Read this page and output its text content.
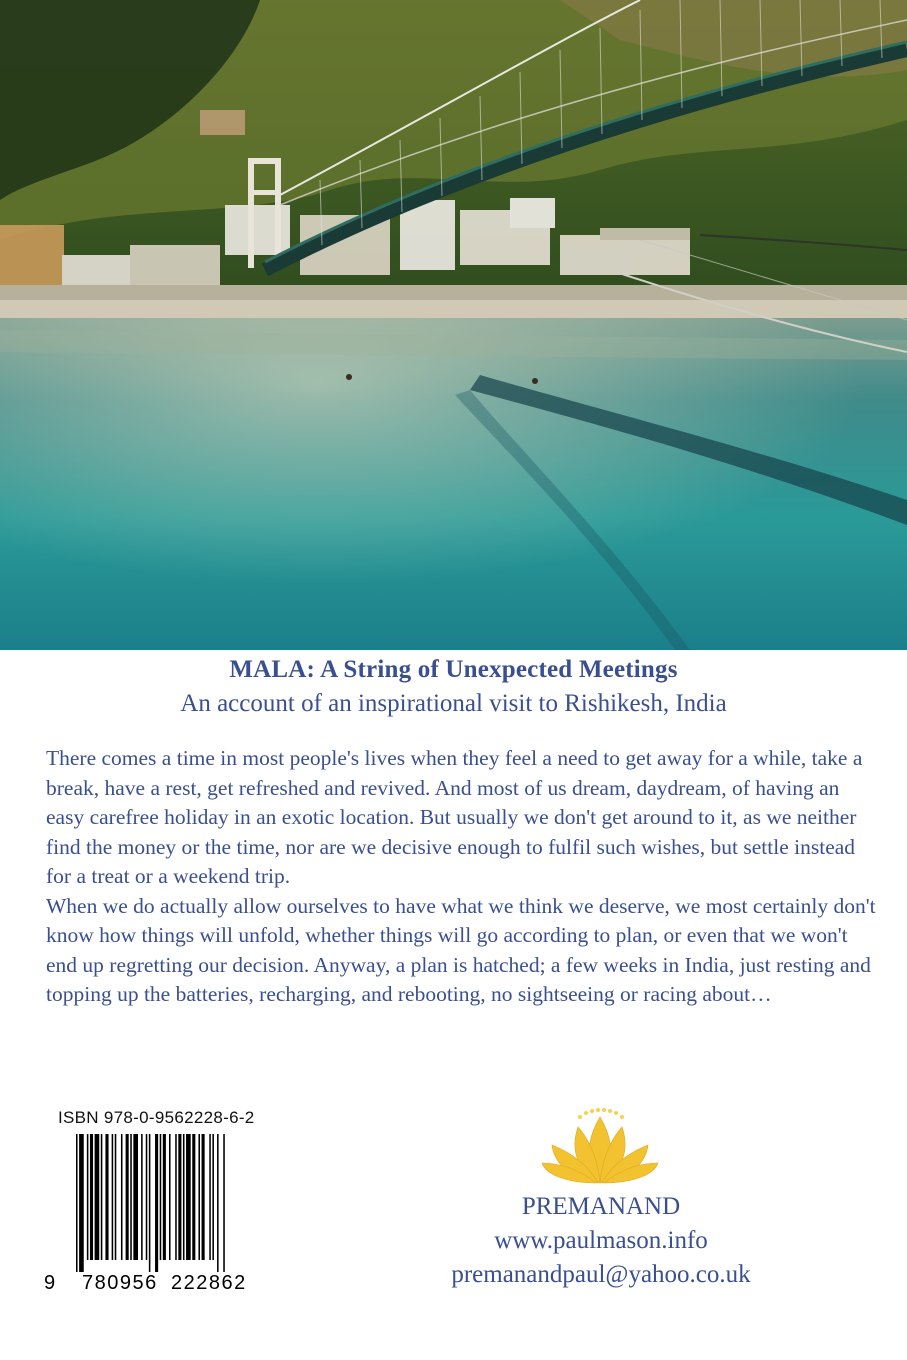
MALA: A String of Unexpected Meetings
An account of an inspirational visit to Rishikesh, India

There comes a time in most people's lives when they feel a need to get away for a while, take a break, have a rest, get refreshed and revived. And most of us dream, daydream, of having an easy carefree holiday in an exotic location. But usually we don't get around to it, as we neither find the money or the time, nor are we decisive enough to fulfil such wishes, but settle instead for a treat or a weekend trip.

When we do actually allow ourselves to have what we think we deserve, we most certainly don't know how things will unfold, whether things will go according to plan, or even that we won't end up regretting our decision. Anyway, a plan is hatched; a few weeks in India, just resting and topping up the batteries, recharging, and rebooting, no sightseeing or racing about…

ISBN 978-0-9562228-6-2
9 780956 222862
PREMANAND
www.paulmason.info
premanandpaul@yahoo.co.uk
